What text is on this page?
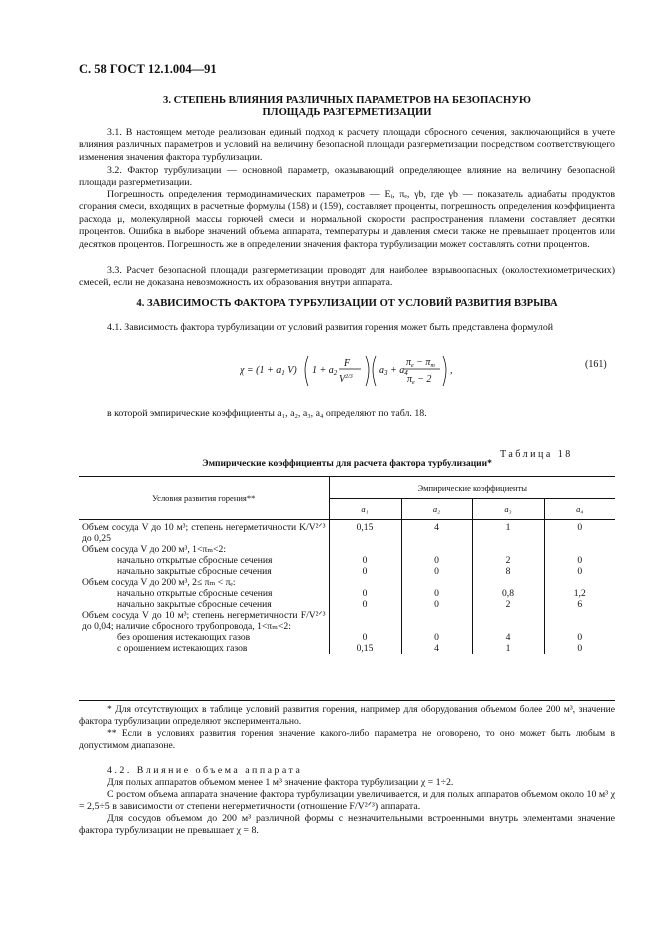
С. 58 ГОСТ 12.1.004—91
3. СТЕПЕНЬ ВЛИЯНИЯ РАЗЛИЧНЫХ ПАРАМЕТРОВ НА БЕЗОПАСНУЮ
ПЛОЩАДЬ РАЗГЕРМЕТИЗАЦИИ
3.1. В настоящем методе реализован единый подход к расчету площади сбросного сечения, заключающийся в учете влияния различных параметров и условий на величину безопасной площади разгерметизации посредством соответствующего изменения значения фактора турбулизации.
3.2. Фактор турбулизации — основной параметр, оказывающий определяющее влияние на величину безопасной площади разгерметизации.
Погрешность определения термодинамических параметров — Eᵢ, πₑ, γb, где γb — показатель адиабаты продуктов сгорания смеси, входящих в расчетные формулы (158) и (159), составляет проценты, погрешность определения коэффициента расхода μ, молекулярной массы горючей смеси и нормальной скорости распространения пламени составляет десятки процентов. Ошибка в выборе значений объема аппарата, температуры и давления смеси также не превышает процентов или десятков процентов. Погрешность же в определении значения фактора турбулизации может составлять сотни процентов.
3.3. Расчет безопасной площади разгерметизации проводят для наиболее взрывоопасных (околостехиометрических) смесей, если не доказана невозможность их образования внутри аппарата.
4. ЗАВИСИМОСТЬ ФАКТОРА ТУРБУЛИЗАЦИИ ОТ УСЛОВИЙ РАЗВИТИЯ ВЗРЫВА
4.1. Зависимость фактора турбулизации от условий развития горения может быть представлена формулой
$\chi = (1 + a_1$ V) $1 + a_2$
F
$V^{2/3}$
$a_3 + a_4$
$\pi_e - \pi_m$
$\pi_e - 2$
,
(161)
в которой эмпирические коэффициенты a₁, a₂, a₃, a₄ определяют по табл. 18.
Таблица 18
Эмпирические коэффициенты для расчета фактора турбулизации*
Условия развития горения**	Эмпирические коэффициенты			
	a₁	a₂	a₃	a₄
Объем сосуда V до 10 м³; степень негерметичности K/V²ᐟ³ до 0,25	0,15	4	1	0
Объем сосуда V до 200 м³, 1<πₘ<2:				
начально открытые сбросные сечения	0	0	2	0
начально закрытые сбросные сечения	0	0	8	0
Объем сосуда V до 200 м³, 2≤ πₘ < πₑ:				
начально открытые сбросные сечения	0	0	0,8	1,2
начально закрытые сбросные сечения	0	0	2	6
Объем сосуда V до 10 м³; степень негерметичности F/V²ᐟ³ до 0,04; наличие сбросного трубопровода, 1<πₘ<2:				
без орошения истекающих газов	0	0	4	0
с орошением истекающих газов	0,15	4	1	0
* Для отсутствующих в таблице условий развития горения, например для оборудования объемом более 200 м³, значение фактора турбулизации определяют экспериментально.
** Если в условиях развития горения значение какого-либо параметра не оговорено, то оно может быть любым в допустимом диапазоне.
4.2. Влияние объема аппарата
Для полых аппаратов объемом менее 1 м³ значение фактора турбулизации χ = 1÷2.
С ростом объема аппарата значение фактора турбулизации увеличивается, и для полых аппаратов объемом около 10 м³ χ = 2,5÷5 в зависимости от степени негерметичности (отношение F/V²ᐟ³) аппарата.
Для сосудов объемом до 200 м³ различной формы с незначительными встроенными внутрь элементами значение фактора турбулизации не превышает χ = 8.
